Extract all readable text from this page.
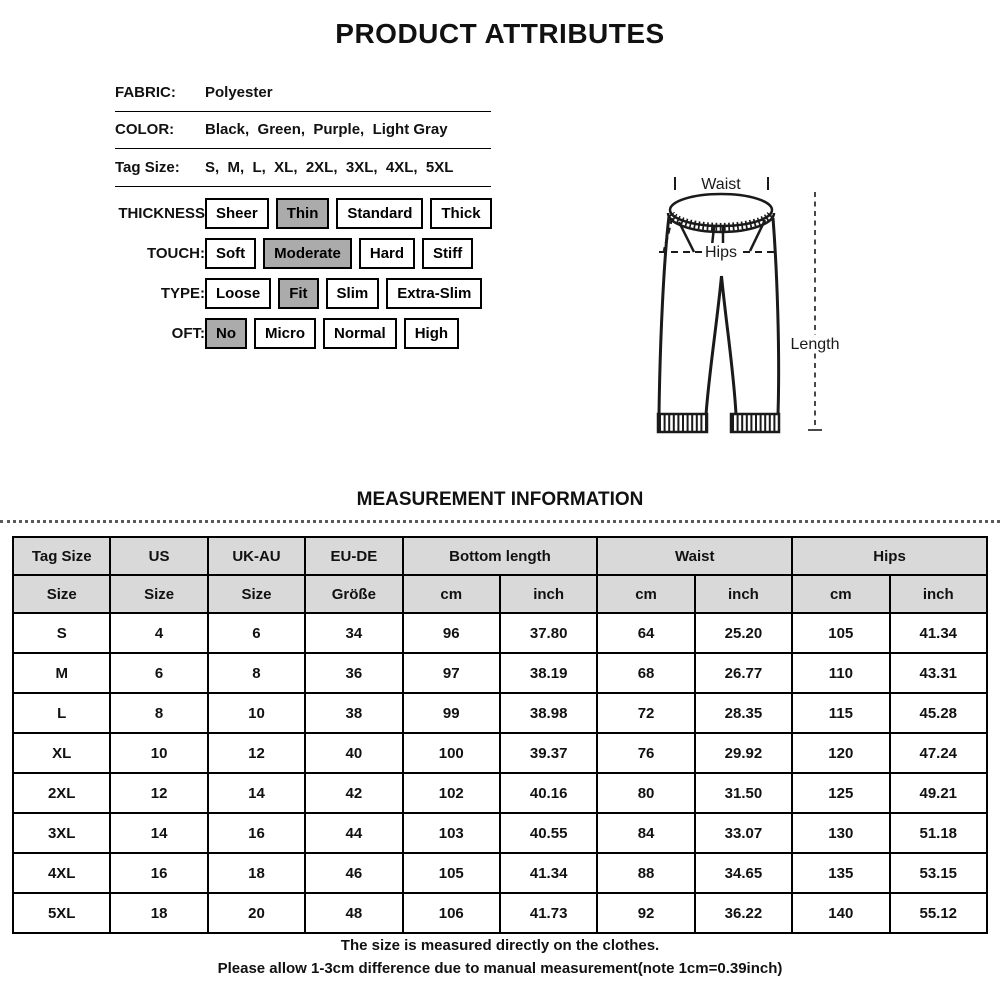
PRODUCT ATTRIBUTES
FABRIC:	Polyester
COLOR:	Black,  Green,  Purple,  Light Gray
Tag Size:	S,  M,  L,  XL,  2XL,  3XL,  4XL,  5XL
THICKNESS Sheer	Thin	Standard	Thick
TOUCH: Soft	Moderate	Hard	Stiff
TYPE: Loose	Fit	Slim	Extra-Slim
OFT: No	Micro	Normal	High
Waist
Hips
Length
MEASUREMENT INFORMATION
Tag Size	US	UK-AU	EU-DE	Bottom length		Waist		Hips	
Size	Size	Size	Größe	cm	inch	cm	inch	cm	inch
S	4	6	34	96	37.80	64	25.20	105	41.34
M	6	8	36	97	38.19	68	26.77	110	43.31
L	8	10	38	99	38.98	72	28.35	115	45.28
XL	10	12	40	100	39.37	76	29.92	120	47.24
2XL	12	14	42	102	40.16	80	31.50	125	49.21
3XL	14	16	44	103	40.55	84	33.07	130	51.18
4XL	16	18	46	105	41.34	88	34.65	135	53.15
5XL	18	20	48	106	41.73	92	36.22	140	55.12
The size is measured directly on the clothes.
Please allow 1-3cm difference due to manual measurement(note 1cm=0.39inch)
